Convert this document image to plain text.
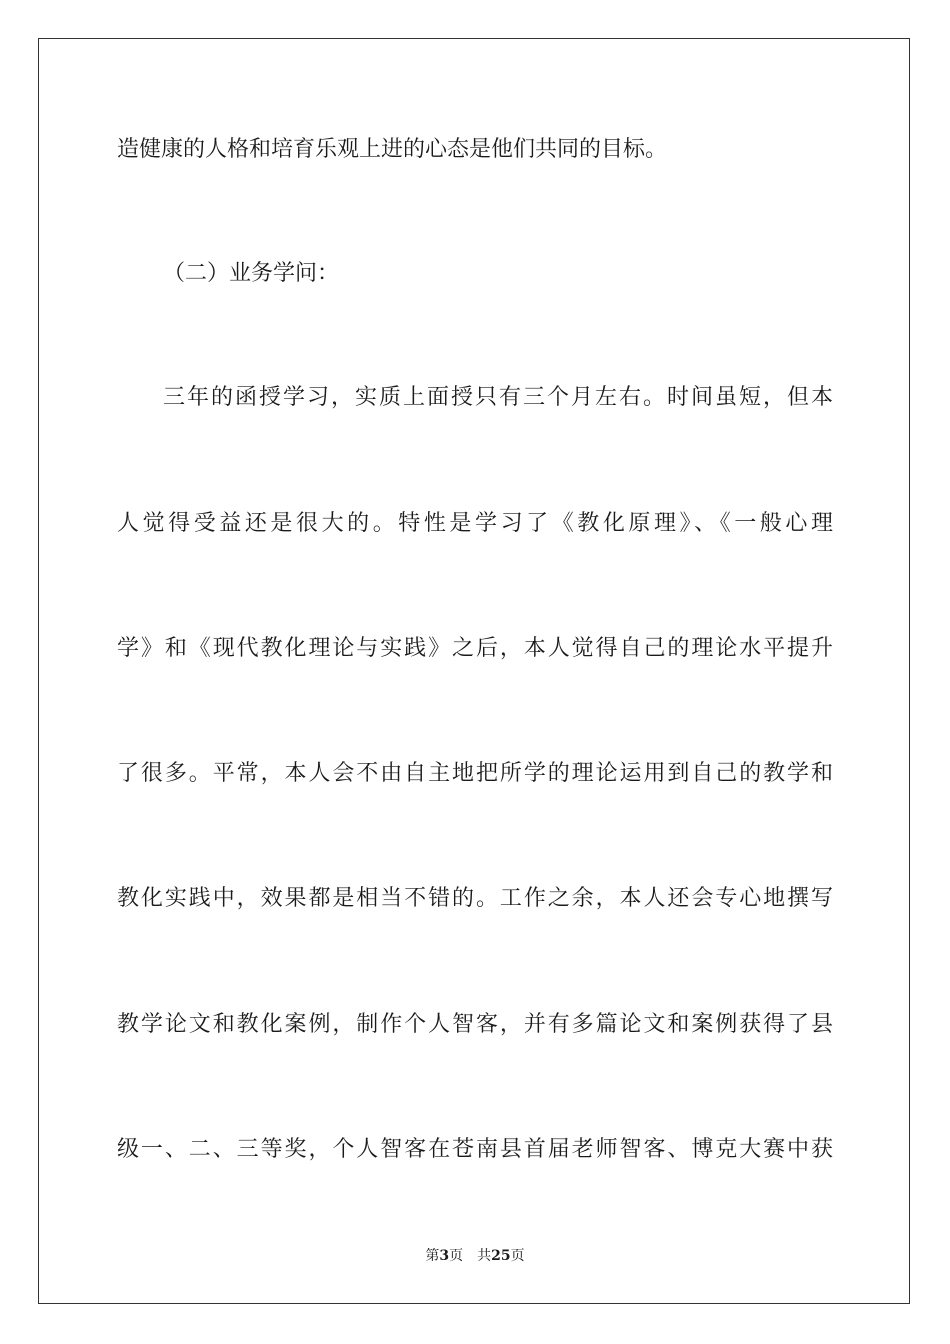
造健康的人格和培育乐观上进的心态是他们共同的目标。
（二）业务学问：
三年的函授学习，实质上面授只有三个月左右。时间虽短，但本
人觉得受益还是很大的。特性是学习了《教化原理》、《一般心理
学》和《现代教化理论与实践》之后，本人觉得自己的理论水平提升
了很多。平常，本人会不由自主地把所学的理论运用到自己的教学和
教化实践中，效果都是相当不错的。工作之余，本人还会专心地撰写
教学论文和教化案例，制作个人智客，并有多篇论文和案例获得了县
级一、二、三等奖，个人智客在苍南县首届老师智客、博克大赛中获
第3页 共25页
